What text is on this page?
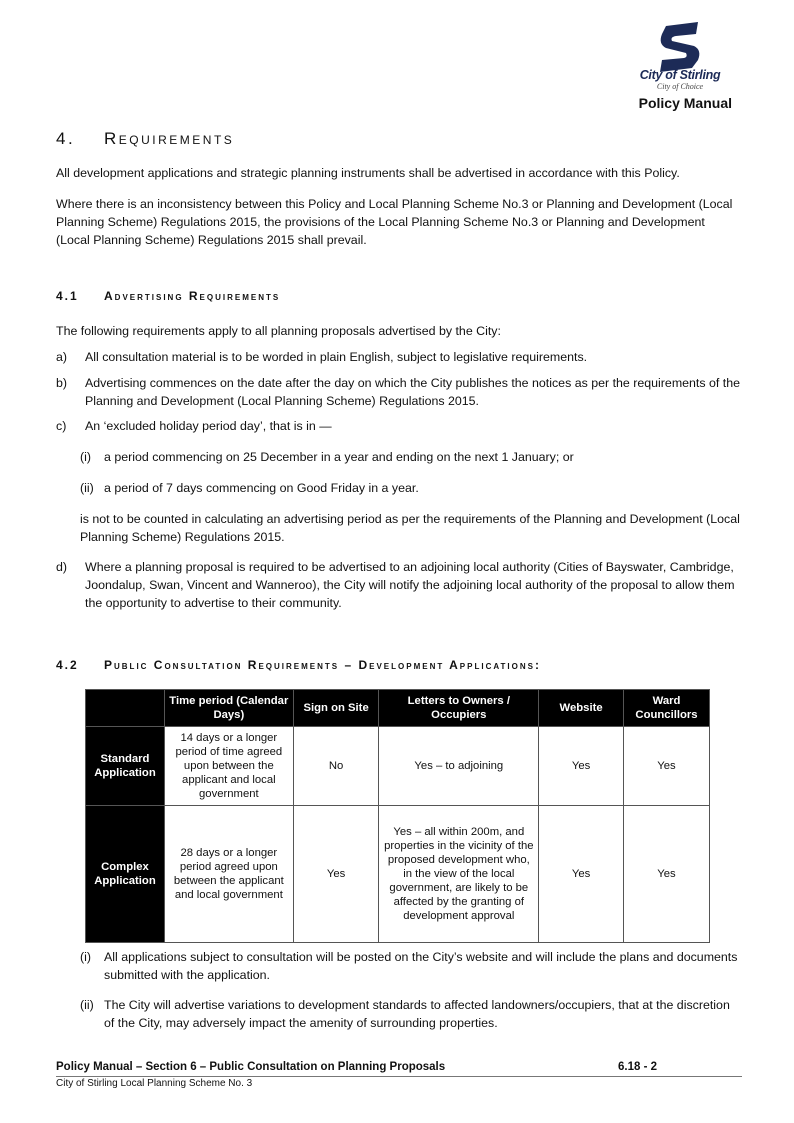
City of Stirling
City of Choice
Policy Manual
4. Requirements

All development applications and strategic planning instruments shall be advertised in accordance with this Policy.

Where there is an inconsistency between this Policy and Local Planning Scheme No.3 or Planning and Development (Local Planning Scheme) Regulations 2015, the provisions of the Local Planning Scheme No.3 or Planning and Development (Local Planning Scheme) Regulations 2015 shall prevail.

4.1 Advertising Requirements

The following requirements apply to all planning proposals advertised by the City:

a) All consultation material is to be worded in plain English, subject to legislative requirements.
b) Advertising commences on the date after the day on which the City publishes the notices as per the requirements of the Planning and Development (Local Planning Scheme) Regulations 2015.
c) An ‘excluded holiday period day’, that is in —
(i) a period commencing on 25 December in a year and ending on the next 1 January; or
(ii) a period of 7 days commencing on Good Friday in a year.

is not to be counted in calculating an advertising period as per the requirements of the Planning and Development (Local Planning Scheme) Regulations 2015.

d) Where a planning proposal is required to be advertised to an adjoining local authority (Cities of Bayswater, Cambridge, Joondalup, Swan, Vincent and Wanneroo), the City will notify the adjoining local authority of the proposal to allow them the opportunity to advertise to their community.
4.2 Public Consultation Requirements – Development Applications:
	Time period (Calendar Days)	Sign on Site	Letters to Owners / Occupiers	Website	Ward Councillors
Standard Application	14 days or a longer period of time agreed upon between the applicant and local government	No	Yes – to adjoining	Yes	Yes
Complex Application	28 days or a longer period agreed upon between the applicant and local government	Yes	Yes – all within 200m, and properties in the vicinity of the proposed development who, in the view of the local government, are likely to be affected by the granting of development approval	Yes	Yes
(i) All applications subject to consultation will be posted on the City’s website and will include the plans and documents submitted with the application.
(ii) The City will advertise variations to development standards to affected landowners/occupiers, that at the discretion of the City, may adversely impact the amenity of surrounding properties.
Policy Manual – Section 6 – Public Consultation on Planning Proposals	6.18 - 2
City of Stirling Local Planning Scheme No. 3
